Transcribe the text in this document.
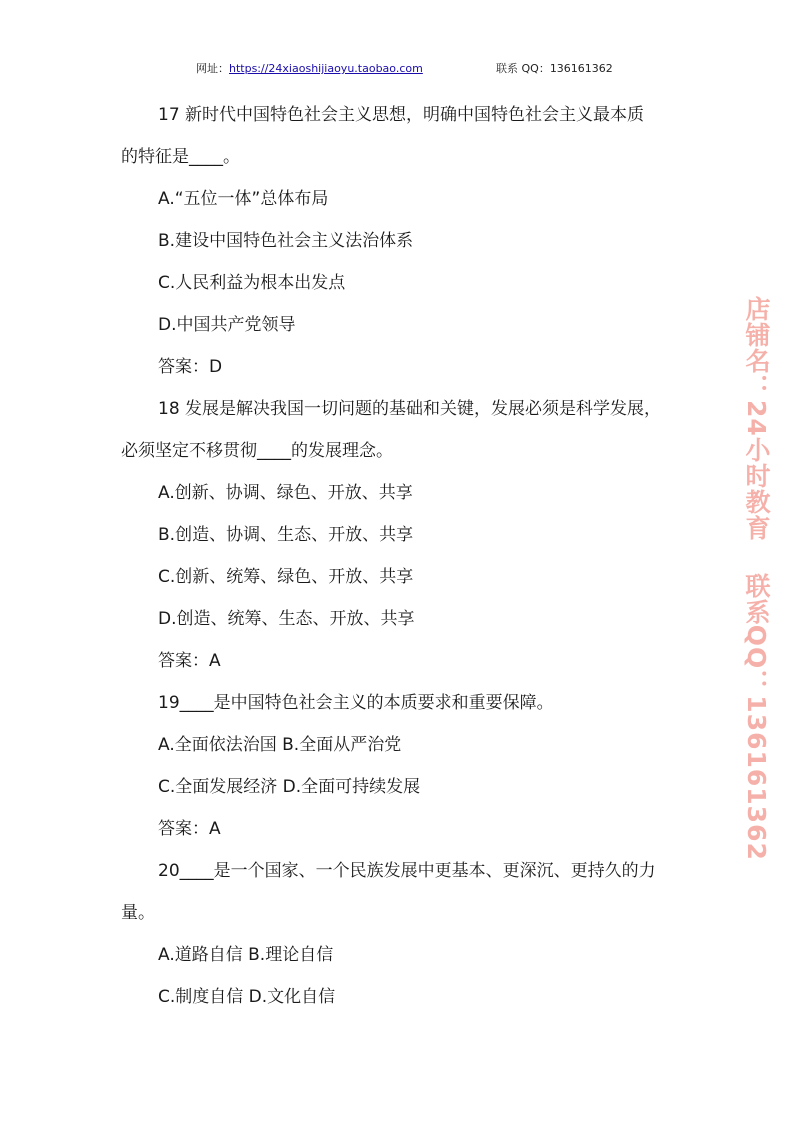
网址：https://24xiaoshijiaoyu.taobao.com	联系 QQ：136161362
17 新时代中国特色社会主义思想，明确中国特色社会主义最本质
的特征是____。
A.“五位一体”总体布局
B.建设中国特色社会主义法治体系
C.人民利益为根本出发点
D.中国共产党领导
答案：D
18 发展是解决我国一切问题的基础和关键，发展必须是科学发展，
必须坚定不移贯彻____的发展理念。
A.创新、协调、绿色、开放、共享
B.创造、协调、生态、开放、共享
C.创新、统筹、绿色、开放、共享
D.创造、统筹、生态、开放、共享
答案：A
19____是中国特色社会主义的本质要求和重要保障。
A.全面依法治国 B.全面从严治党
C.全面发展经济 D.全面可持续发展
答案：A
20____是一个国家、一个民族发展中更基本、更深沉、更持久的力
量。
A.道路自信 B.理论自信
C.制度自信 D.文化自信
店铺名：24小时教育联系QQ：136161362
